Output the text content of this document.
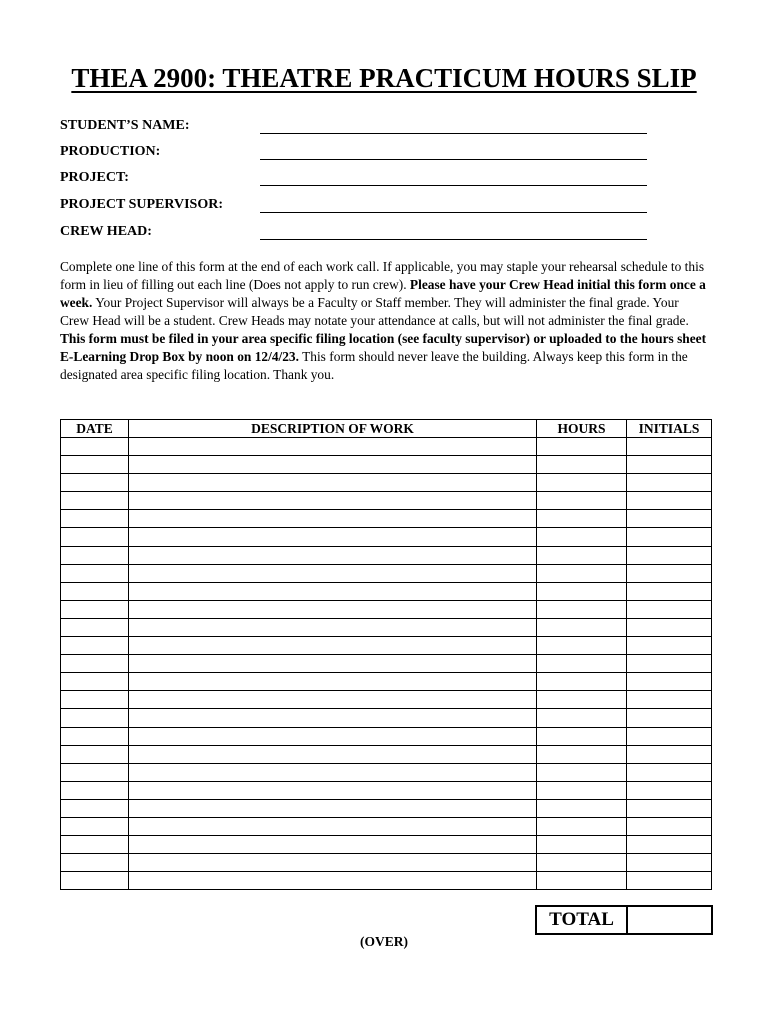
THEA 2900: THEATRE PRACTICUM HOURS SLIP
STUDENT’S NAME:
PRODUCTION:
PROJECT:
PROJECT SUPERVISOR:
CREW HEAD:
Complete one line of this form at the end of each work call. If applicable, you may staple your rehearsal schedule to this form in lieu of filling out each line (Does not apply to run crew). Please have your Crew Head initial this form once a week. Your Project Supervisor will always be a Faculty or Staff member. They will administer the final grade. Your Crew Head will be a student. Crew Heads may notate your attendance at calls, but will not administer the final grade. This form must be filed in your area specific filing location (see faculty supervisor) or uploaded to the hours sheet E-Learning Drop Box by noon on 12/4/23. This form should never leave the building. Always keep this form in the designated area specific filing location. Thank you.
DATE	DESCRIPTION OF WORK	HOURS	INITIALS

TOTAL
(OVER)
